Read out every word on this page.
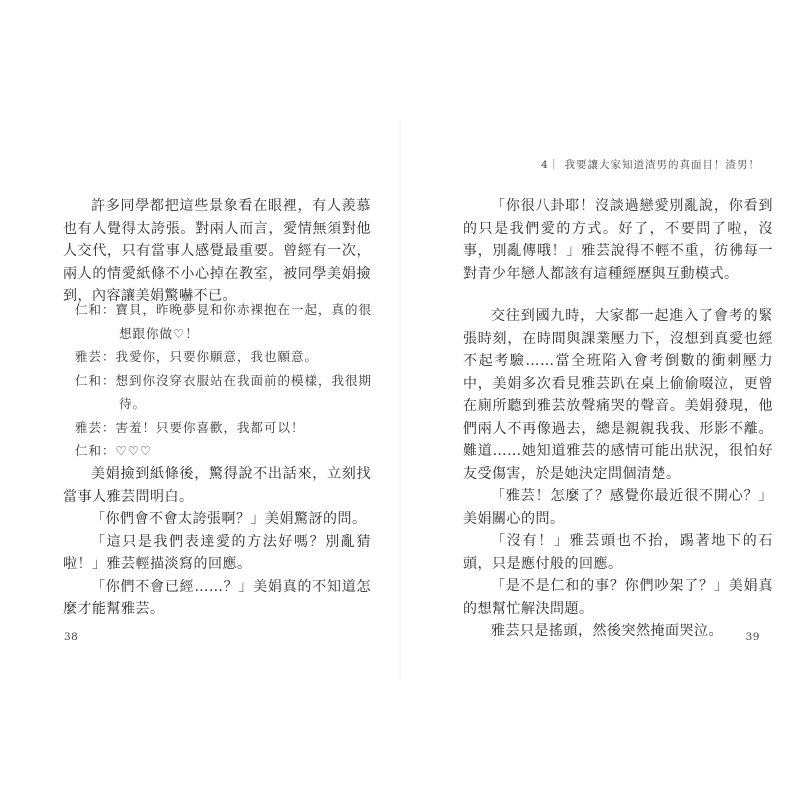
許多同學都把這些景象看在眼裡，有人羨慕也有人覺得太誇張。對兩人而言，愛情無須對他人交代，只有當事人感覺最重要。曾經有一次，兩人的情愛紙條不小心掉在教室，被同學美娟撿到，內容讓美娟驚嚇不已。

仁和：寶貝，昨晚夢見和你赤裸抱在一起，真的很想跟你做♡！
雅芸：我愛你，只要你願意，我也願意。
仁和：想到你沒穿衣服站在我面前的模樣，我很期待。
雅芸：害羞！只要你喜歡，我都可以！
仁和：♡♡♡

美娟撿到紙條後，驚得說不出話來，立刻找當事人雅芸問明白。

「你們會不會太誇張啊？」美娟驚訝的問。

「這只是我們表達愛的方法好嗎？別亂猜啦！」雅芸輕描淡寫的回應。

「你們不會已經……？」美娟真的不知道怎麼才能幫雅芸。

38
4｜ 我要讓大家知道渣男的真面目！渣男！

「你很八卦耶！沒談過戀愛別亂說，你看到的只是我們愛的方式。好了，不要問了啦，沒事，別亂傳哦！」雅芸說得不輕不重，彷彿每一對青少年戀人都該有這種經歷與互動模式。

交往到國九時，大家都一起進入了會考的緊張時刻，在時間與課業壓力下，沒想到真愛也經不起考驗……當全班陷入會考倒數的衝刺壓力中，美娟多次看見雅芸趴在桌上偷偷啜泣，更曾在廁所聽到雅芸放聲痛哭的聲音。美娟發現，他們兩人不再像過去，總是親親我我、形影不離。難道……她知道雅芸的感情可能出狀況，很怕好友受傷害，於是她決定問個清楚。

「雅芸！怎麼了？感覺你最近很不開心？」美娟關心的問。

「沒有！」雅芸頭也不抬，踢著地下的石頭，只是應付般的回應。

「是不是仁和的事？你們吵架了？」美娟真的想幫忙解決問題。

雅芸只是搖頭，然後突然掩面哭泣。	39
